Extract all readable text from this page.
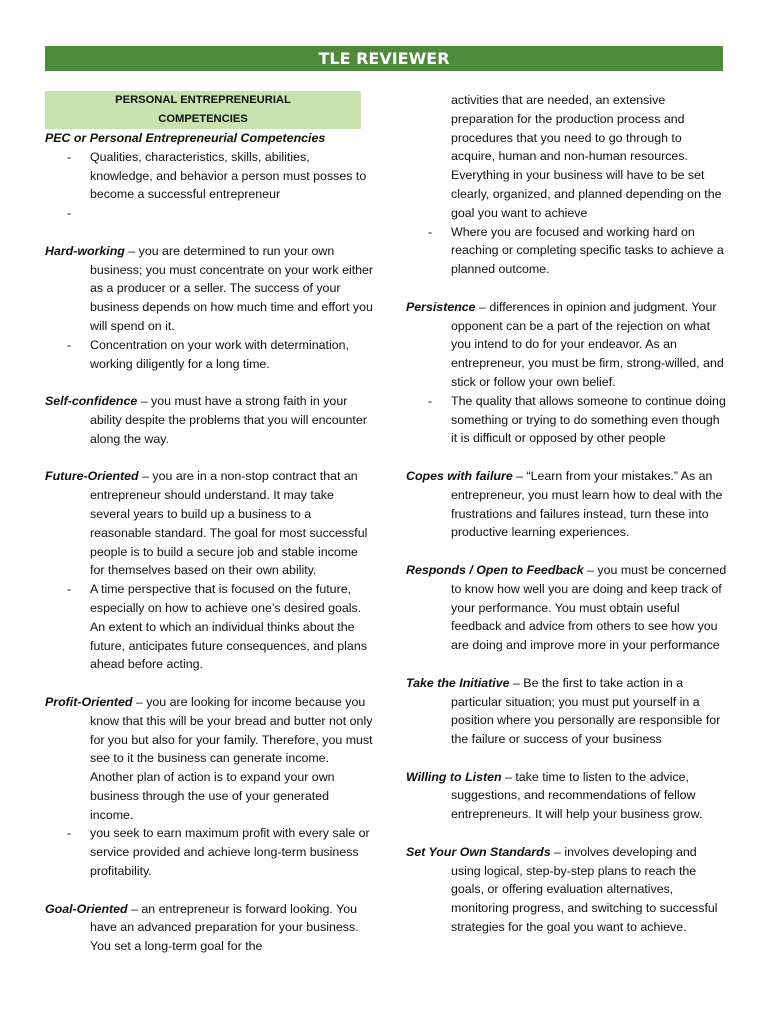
TLE REVIEWER
PERSONAL ENTREPRENEURIAL COMPETENCIES
PEC or Personal Entrepreneurial Competencies
-	Qualities, characteristics, skills, abilities, knowledge, and behavior a person must posses to become a successful entrepreneur
-
Hard-working – you are determined to run your own business; you must concentrate on your work either as a producer or a seller. The success of your business depends on how much time and effort you will spend on it.
-	Concentration on your work with determination, working diligently for a long time.
Self-confidence – you must have a strong faith in your ability despite the problems that you will encounter along the way.
Future-Oriented – you are in a non-stop contract that an entrepreneur should understand. It may take several years to build up a business to a reasonable standard. The goal for most successful people is to build a secure job and stable income for themselves based on their own ability.
-	A time perspective that is focused on the future, especially on how to achieve one’s desired goals. An extent to which an individual thinks about the future, anticipates future consequences, and plans ahead before acting.
Profit-Oriented – you are looking for income because you know that this will be your bread and butter not only for you but also for your family. Therefore, you must see to it the business can generate income. Another plan of action is to expand your own business through the use of your generated income.
-	you seek to earn maximum profit with every sale or service provided and achieve long-term business profitability.
Goal-Oriented – an entrepreneur is forward looking. You have an advanced preparation for your business. You set a long-term goal for the
activities that are needed, an extensive preparation for the production process and procedures that you need to go through to acquire, human and non-human resources. Everything in your business will have to be set clearly, organized, and planned depending on the goal you want to achieve
-	Where you are focused and working hard on reaching or completing specific tasks to achieve a planned outcome.
Persistence – differences in opinion and judgment. Your opponent can be a part of the rejection on what you intend to do for your endeavor. As an entrepreneur, you must be firm, strong-willed, and stick or follow your own belief.
-	The quality that allows someone to continue doing something or trying to do something even though it is difficult or opposed by other people
Copes with failure – “Learn from your mistakes.” As an entrepreneur, you must learn how to deal with the frustrations and failures instead, turn these into productive learning experiences.
Responds / Open to Feedback – you must be concerned to know how well you are doing and keep track of your performance. You must obtain useful feedback and advice from others to see how you are doing and improve more in your performance
Take the Initiative – Be the first to take action in a particular situation; you must put yourself in a position where you personally are responsible for the failure or success of your business
Willing to Listen – take time to listen to the advice, suggestions, and recommendations of fellow entrepreneurs. It will help your business grow.
Set Your Own Standards – involves developing and using logical, step-by-step plans to reach the goals, or offering evaluation alternatives, monitoring progress, and switching to successful strategies for the goal you want to achieve.
